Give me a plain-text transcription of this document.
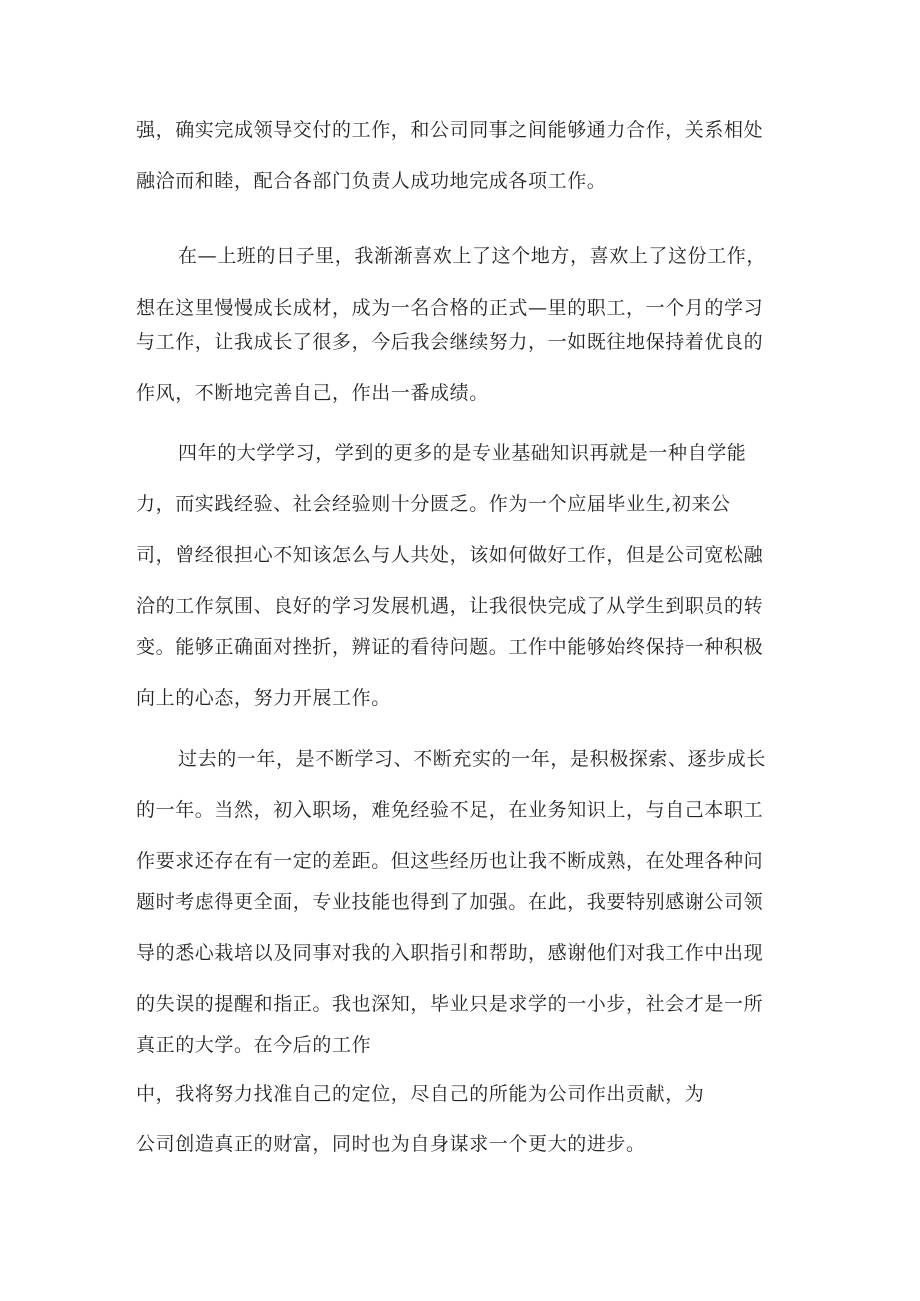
强，确实完成领导交付的工作，和公司同事之间能够通力合作，关系相处
融洽而和睦，配合各部门负责人成功地完成各项工作。
在—上班的日子里，我渐渐喜欢上了这个地方，喜欢上了这份工作，
想在这里慢慢成长成材，成为一名合格的正式—里的职工，一个月的学习
与工作，让我成长了很多，今后我会继续努力，一如既往地保持着优良的
作风，不断地完善自己，作出一番成绩。
四年的大学学习，学到的更多的是专业基础知识再就是一种自学能
力，而实践经验、社会经验则十分匮乏。作为一个应届毕业生,初来公
司，曾经很担心不知该怎么与人共处，该如何做好工作，但是公司宽松融
洽的工作氛围、良好的学习发展机遇，让我很快完成了从学生到职员的转
变。能够正确面对挫折，辨证的看待问题。工作中能够始终保持一种积极
向上的心态，努力开展工作。
过去的一年，是不断学习、不断充实的一年，是积极探索、逐步成长
的一年。当然，初入职场，难免经验不足，在业务知识上，与自己本职工
作要求还存在有一定的差距。但这些经历也让我不断成熟，在处理各种问
题时考虑得更全面，专业技能也得到了加强。在此，我要特别感谢公司领
导的悉心栽培以及同事对我的入职指引和帮助，感谢他们对我工作中出现
的失误的提醒和指正。我也深知，毕业只是求学的一小步，社会才是一所
真正的大学。在今后的工作
中，我将努力找准自己的定位，尽自己的所能为公司作出贡献，为
公司创造真正的财富，同时也为自身谋求一个更大的进步。
